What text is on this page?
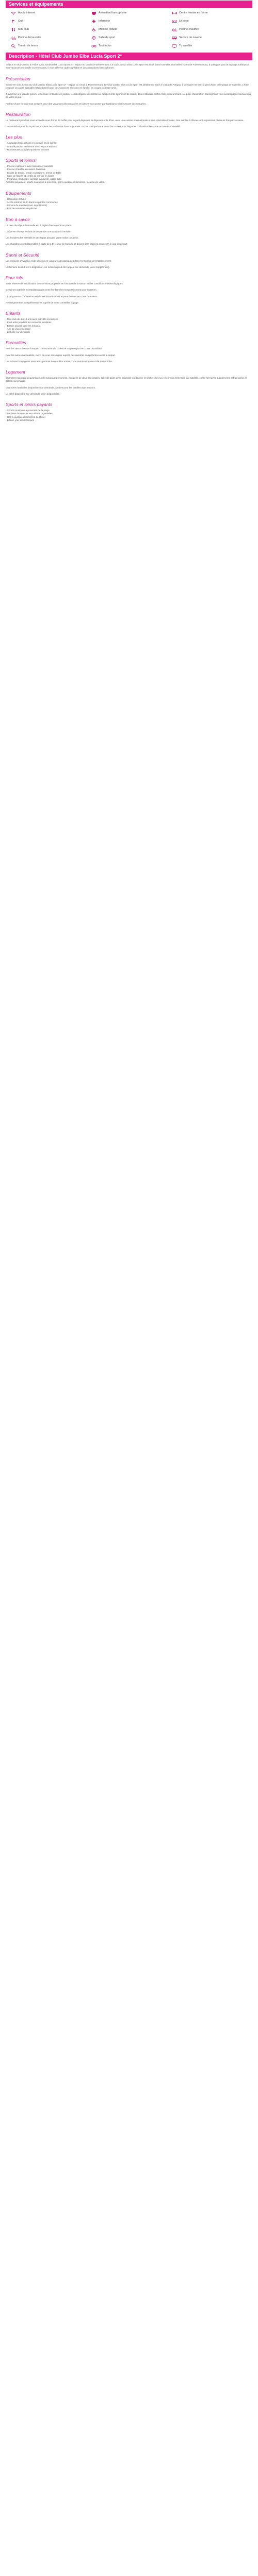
Services et équipements
Accès internet	Animation francophone	Centre remise en forme
Golf	Infirmerie	Lit bébé
Mini club	Mobilité réduite	Piscine chauffée
Piscine découverte	Salle de sport	Service de navette
Terrain de tennis	Tout inclus	Tv satellite
Description - Hôtel Club Jumbo Elba Lucía Sport 2*

Séjour en club Jumbo à l'Hôtel Club Jumbo Elba Lucía Sport 2* - Séjour ou circuit à Fuerteventura. Le Club Jumbo Elba Lucía Sport est situé dans l'une des plus belles zones de Fuerteventura, à quelques pas de la plage. Idéal pour vos vacances en famille ou entre amis, il vous offre un cadre agréable et des animations francophones.

Présentation

Séjour en club Jumbo au Club Jumbo Elba Lucía Sport 2* - Séjour ou circuit à Fuerteventura. Le Club Jumbo Elba Lucía Sport est idéalement situé à Costa de Antigua, à quelques minutes à pied d'une belle plage de sable fin. L'hôtel propose un cadre agréable et fonctionnel pour des vacances réussies en famille, en couple ou entre amis.

Ouvert sur une grande piscine extérieure entourée de jardins, le club dispose de nombreux équipements sportifs et de loisirs, d'un restaurant buffet et de plusieurs bars. L'équipe d'animation francophone vous accompagne tout au long de votre séjour.

Profitez d'une formule tout compris pour des vacances décontractées et laissez-vous porter par l'ambiance chaleureuse des Canaries.

Restauration

Le restaurant principal vous accueille sous forme de buffet pour le petit-déjeuner, le déjeuner et le dîner, avec une cuisine internationale et des spécialités locales. Des soirées à thème sont organisées plusieurs fois par semaine.

Un snack-bar près de la piscine propose des collations dans la journée. Le bar principal vous attend en soirée pour déguster cocktails et boissons en toute convivialité.

Les plus

- Animation francophone en journée et en soirée

- Grande piscine extérieure avec espace enfants

- Nombreuses activités sportives incluses

Sports et loisirs

- Piscine extérieure avec transats et parasols

- Piscine chauffée en saison hivernale

- Courts de tennis, terrain multisports, tennis de table

- Salle de fitness et centre de remise en forme

- Pétanque, fléchettes, aérobic, aquagym, water-polo

Activités payantes : sports nautiques à proximité, golf à quelques kilomètres, location de vélos.

Equipements

- Réception 24h/24

- Accès internet Wi-Fi dans les parties communes

- Service de navette (avec supplément)

- Prêt de serviettes de piscine

Bon à savoir

La taxe de séjour éventuelle est à régler directement sur place.

L'hôtel se réserve le droit de demander une caution à l'arrivée.

Les horaires des activités et des repas peuvent varier selon la saison.

Les chambres sont disponibles à partir de 14h le jour de l'arrivée et doivent être libérées avant 12h le jour du départ.

Santé et Sécurité

Les mesures d'hygiène et de sécurité en vigueur sont appliquées dans l'ensemble de l'établissement.

L'infirmerie du club est à disposition, un médecin peut être appelé sur demande (avec supplément).

Pour info

Sous réserve de modification des services proposés en fonction de la saison et des conditions météorologiques.

Certaines activités et installations peuvent être fermées temporairement pour entretien.

Le programme d'animation est donné à titre indicatif et peut évoluer en cours de saison.

Renseignements complémentaires auprès de votre conseiller voyage.

Enfants

- Mini club de 4 à 12 ans avec activités encadrées

- Club ados pendant les vacances scolaires

- Bassin séparé pour les enfants

- Aire de jeux extérieure

- Lit bébé sur demande

Formalités

Pour les ressortissants français : carte nationale d'identité ou passeport en cours de validité.

Pour les autres nationalités, merci de vous renseigner auprès des autorités compétentes avant le départ.

Les mineurs voyageant sans leurs parents doivent être munis d'une autorisation de sortie du territoire.

Logement

Chambres standard pouvant accueillir jusqu'à 3 personnes, équipées de deux lits simples, salle de bains avec baignoire ou douche et sèche-cheveux, téléphone, télévision par satellite, coffre-fort (avec supplément), réfrigérateur et balcon ou terrasse.

Chambres familiales disponibles sur demande, idéales pour les familles avec enfants.

Lit bébé disponible sur demande selon disponibilité.

Sports et loisirs payants

- Sports nautiques à proximité de la plage

- Location de vélos et excursions organisées

- Golf à quelques kilomètres de l'hôtel

- Billard, jeux électroniques
